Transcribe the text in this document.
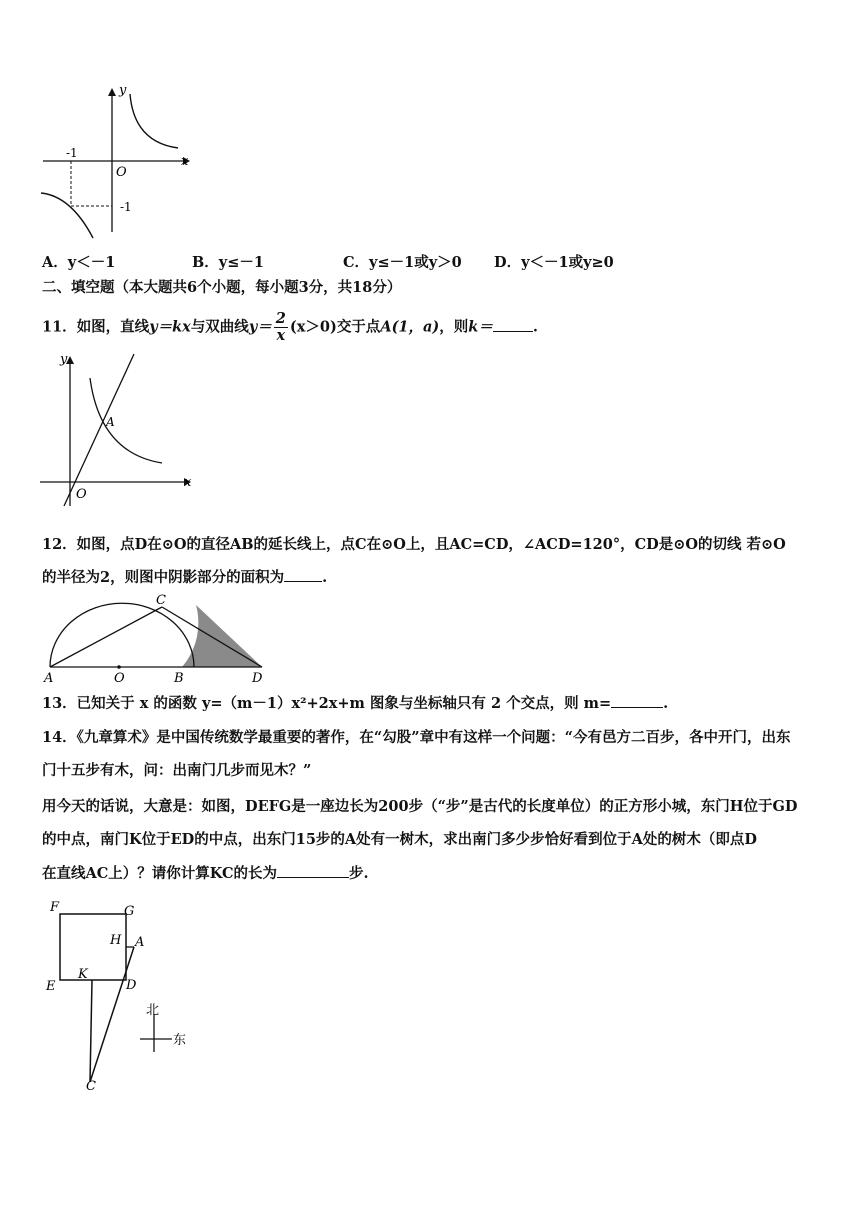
y
x
O
-1
-1
A．y＜－1	B．y≤－1	C．y≤－1或y＞0 D．y＜－1或y≥0
二、填空题（本大题共6个小题，每小题3分，共18分）
11．如图，直线y＝kx与双曲线$y= \frac{2}{x} (x>0)$交于点A(1，a)，则k＝	.
y
x
O
A
12．如图，点D在⊙O的直径AB的延长线上，点C在⊙O上，且AC=CD，∠ACD=120°，CD是⊙O的切线 若⊙O
的半径为2，则图中阴影部分的面积为	.
A	O	B
C
D
13．已知关于 x 的函数 y=（m－1）x²+2x+m 图象与坐标轴只有 2 个交点，则 m=	.
14．《九章算术》是中国传统数学最重要的著作，在“勾股”章中有这样一个问题：“今有邑方二百步，各中开门，出东
门十五步有木，问：出南门几步而见木？”
用今天的话说，大意是：如图，DEFG是一座边长为200步（“步”是古代的长度单位）的正方形小城，东门H位于GD
的中点，南门K位于ED的中点，出东门15步的A处有一树木，求出南门多少步恰好看到位于A处的树木（即点D
在直线AC上）？请你计算KC的长为	步.
F	G
H A
E
K
D
C
北
东
